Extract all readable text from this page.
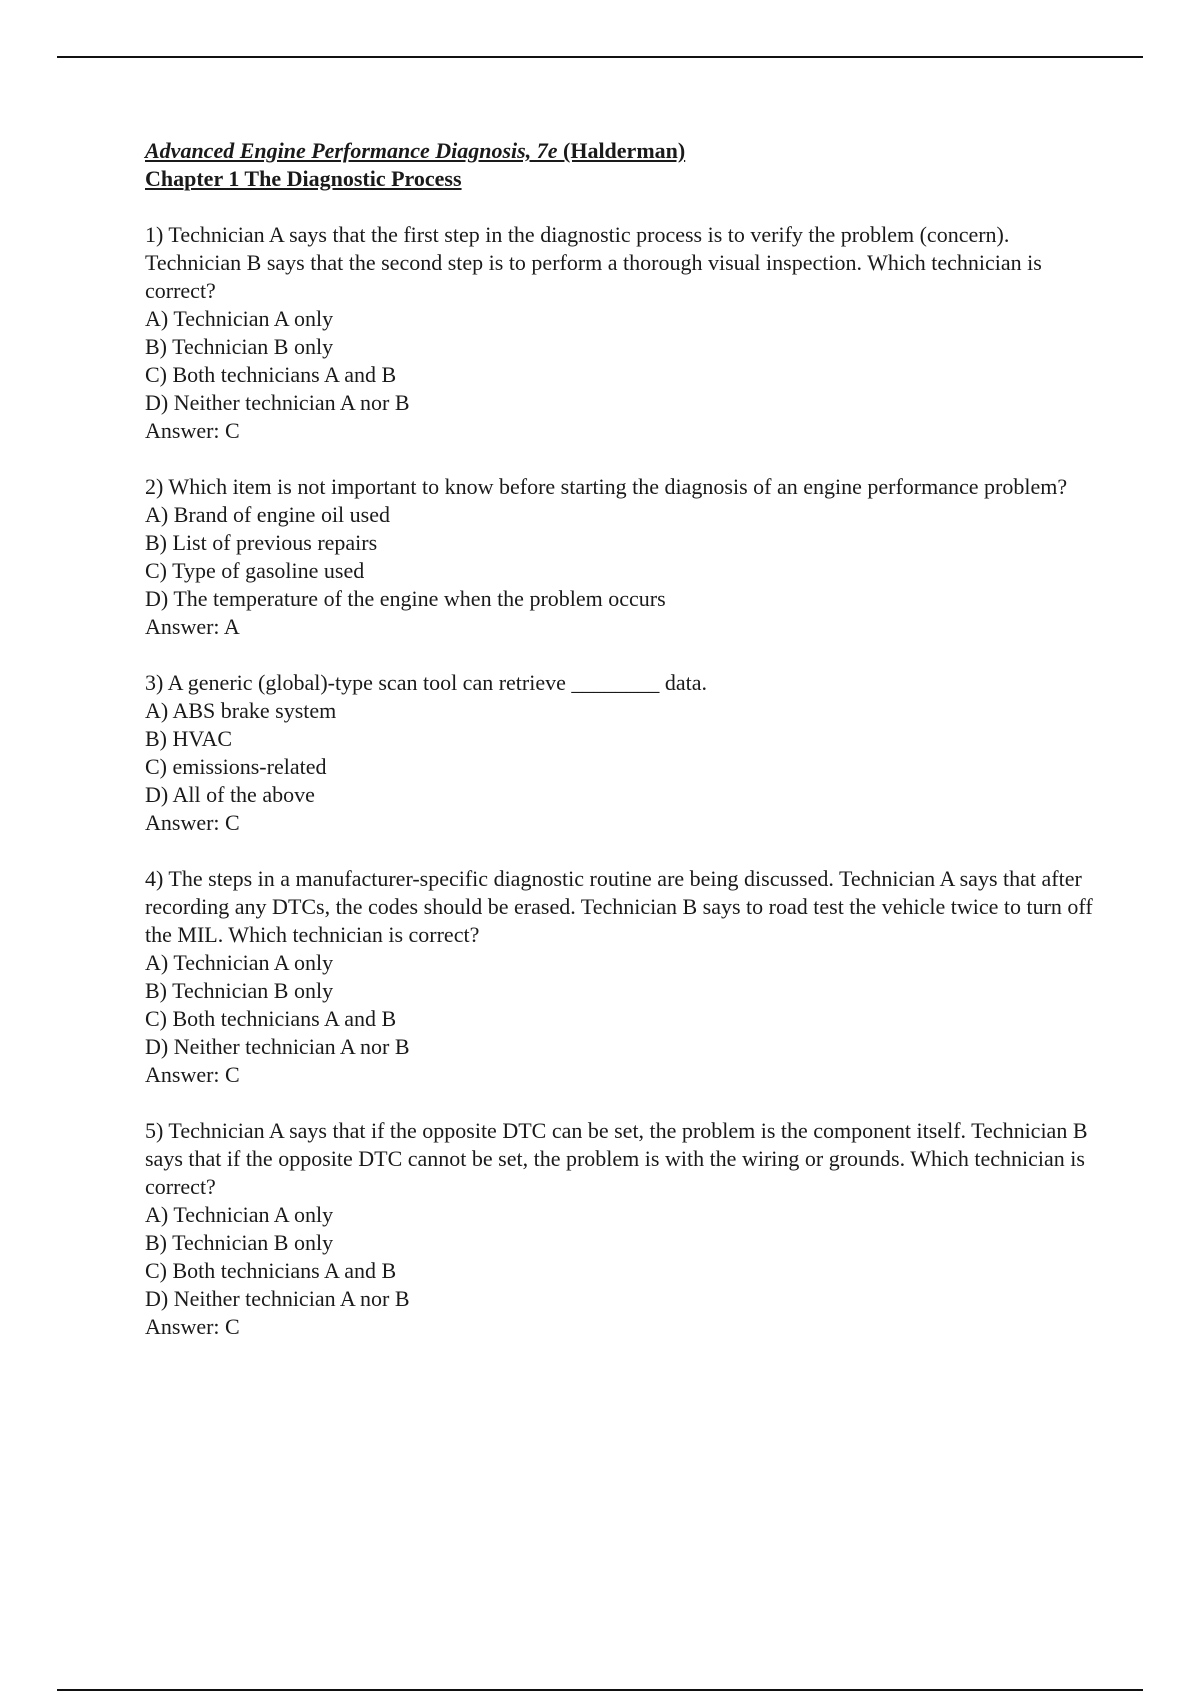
Advanced Engine Performance Diagnosis, 7e (Halderman)

Chapter 1 The Diagnostic Process

1) Technician A says that the first step in the diagnostic process is to verify the problem (concern). Technician B says that the second step is to perform a thorough visual inspection. Which technician is correct?

A) Technician A only

B) Technician B only

C) Both technicians A and B

D) Neither technician A nor B

Answer: C

2) Which item is not important to know before starting the diagnosis of an engine performance problem?

A) Brand of engine oil used

B) List of previous repairs

C) Type of gasoline used

D) The temperature of the engine when the problem occurs

Answer: A

3) A generic (global)-type scan tool can retrieve ________ data.

A) ABS brake system

B) HVAC

C) emissions-related

D) All of the above

Answer: C

4) The steps in a manufacturer-specific diagnostic routine are being discussed. Technician A says that after recording any DTCs, the codes should be erased. Technician B says to road test the vehicle twice to turn off the MIL. Which technician is correct?

A) Technician A only

B) Technician B only

C) Both technicians A and B

D) Neither technician A nor B

Answer: C

5) Technician A says that if the opposite DTC can be set, the problem is the component itself. Technician B says that if the opposite DTC cannot be set, the problem is with the wiring or grounds. Which technician is correct?

A) Technician A only

B) Technician B only

C) Both technicians A and B

D) Neither technician A nor B

Answer: C
